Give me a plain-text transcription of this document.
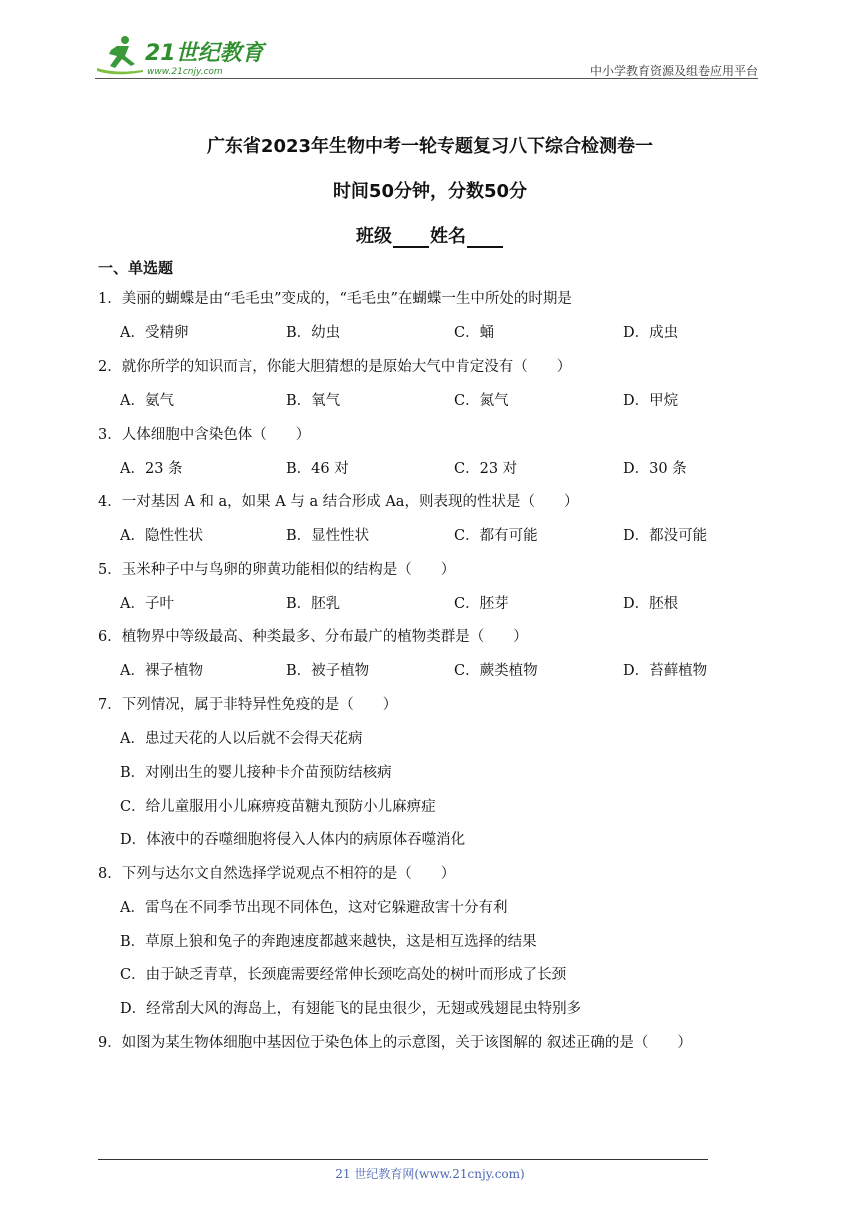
21世纪教育
www.21cnjy.com	中小学教育资源及组卷应用平台
广东省2023年生物中考一轮专题复习八下综合检测卷一
时间50分钟，分数50分
班级 姓名
一、单选题
1．美丽的蝴蝶是由“毛毛虫”变成的，“毛毛虫”在蝴蝶一生中所处的时期是
A．受精卵	B．幼虫	C．蛹	D．成虫
2．就你所学的知识而言，你能大胆猜想的是原始大气中肯定没有（　　）
A．氨气	B．氧气	C．氮气	D．甲烷
3．人体细胞中含染色体（　　）
A．23 条	B．46 对	C．23 对	D．30 条
4．一对基因 A 和 a，如果 A 与 a 结合形成 Aa，则表现的性状是（　　）
A．隐性性状	B．显性性状	C．都有可能	D．都没可能
5．玉米种子中与鸟卵的卵黄功能相似的结构是（　　）
A．子叶	B．胚乳	C．胚芽	D．胚根
6．植物界中等级最高、种类最多、分布最广的植物类群是（　　）
A．裸子植物	B．被子植物	C．蕨类植物	D．苔藓植物
7．下列情况，属于非特异性免疫的是（　　）
A．患过天花的人以后就不会得天花病
B．对刚出生的婴儿接种卡介苗预防结核病
C．给儿童服用小儿麻痹疫苗糖丸预防小儿麻痹症
D．体液中的吞噬细胞将侵入人体内的病原体吞噬消化
8．下列与达尔文自然选择学说观点不相符的是（　　）
A．雷鸟在不同季节出现不同体色，这对它躲避敌害十分有利
B．草原上狼和兔子的奔跑速度都越来越快，这是相互选择的结果
C．由于缺乏青草，长颈鹿需要经常伸长颈吃高处的树叶而形成了长颈
D．经常刮大风的海岛上，有翅能飞的昆虫很少，无翅或残翅昆虫特别多
9．如图为某生物体细胞中基因位于染色体上的示意图，关于该图解的 叙述正确的是（　　）
21 世纪教育网(www.21cnjy.com)
